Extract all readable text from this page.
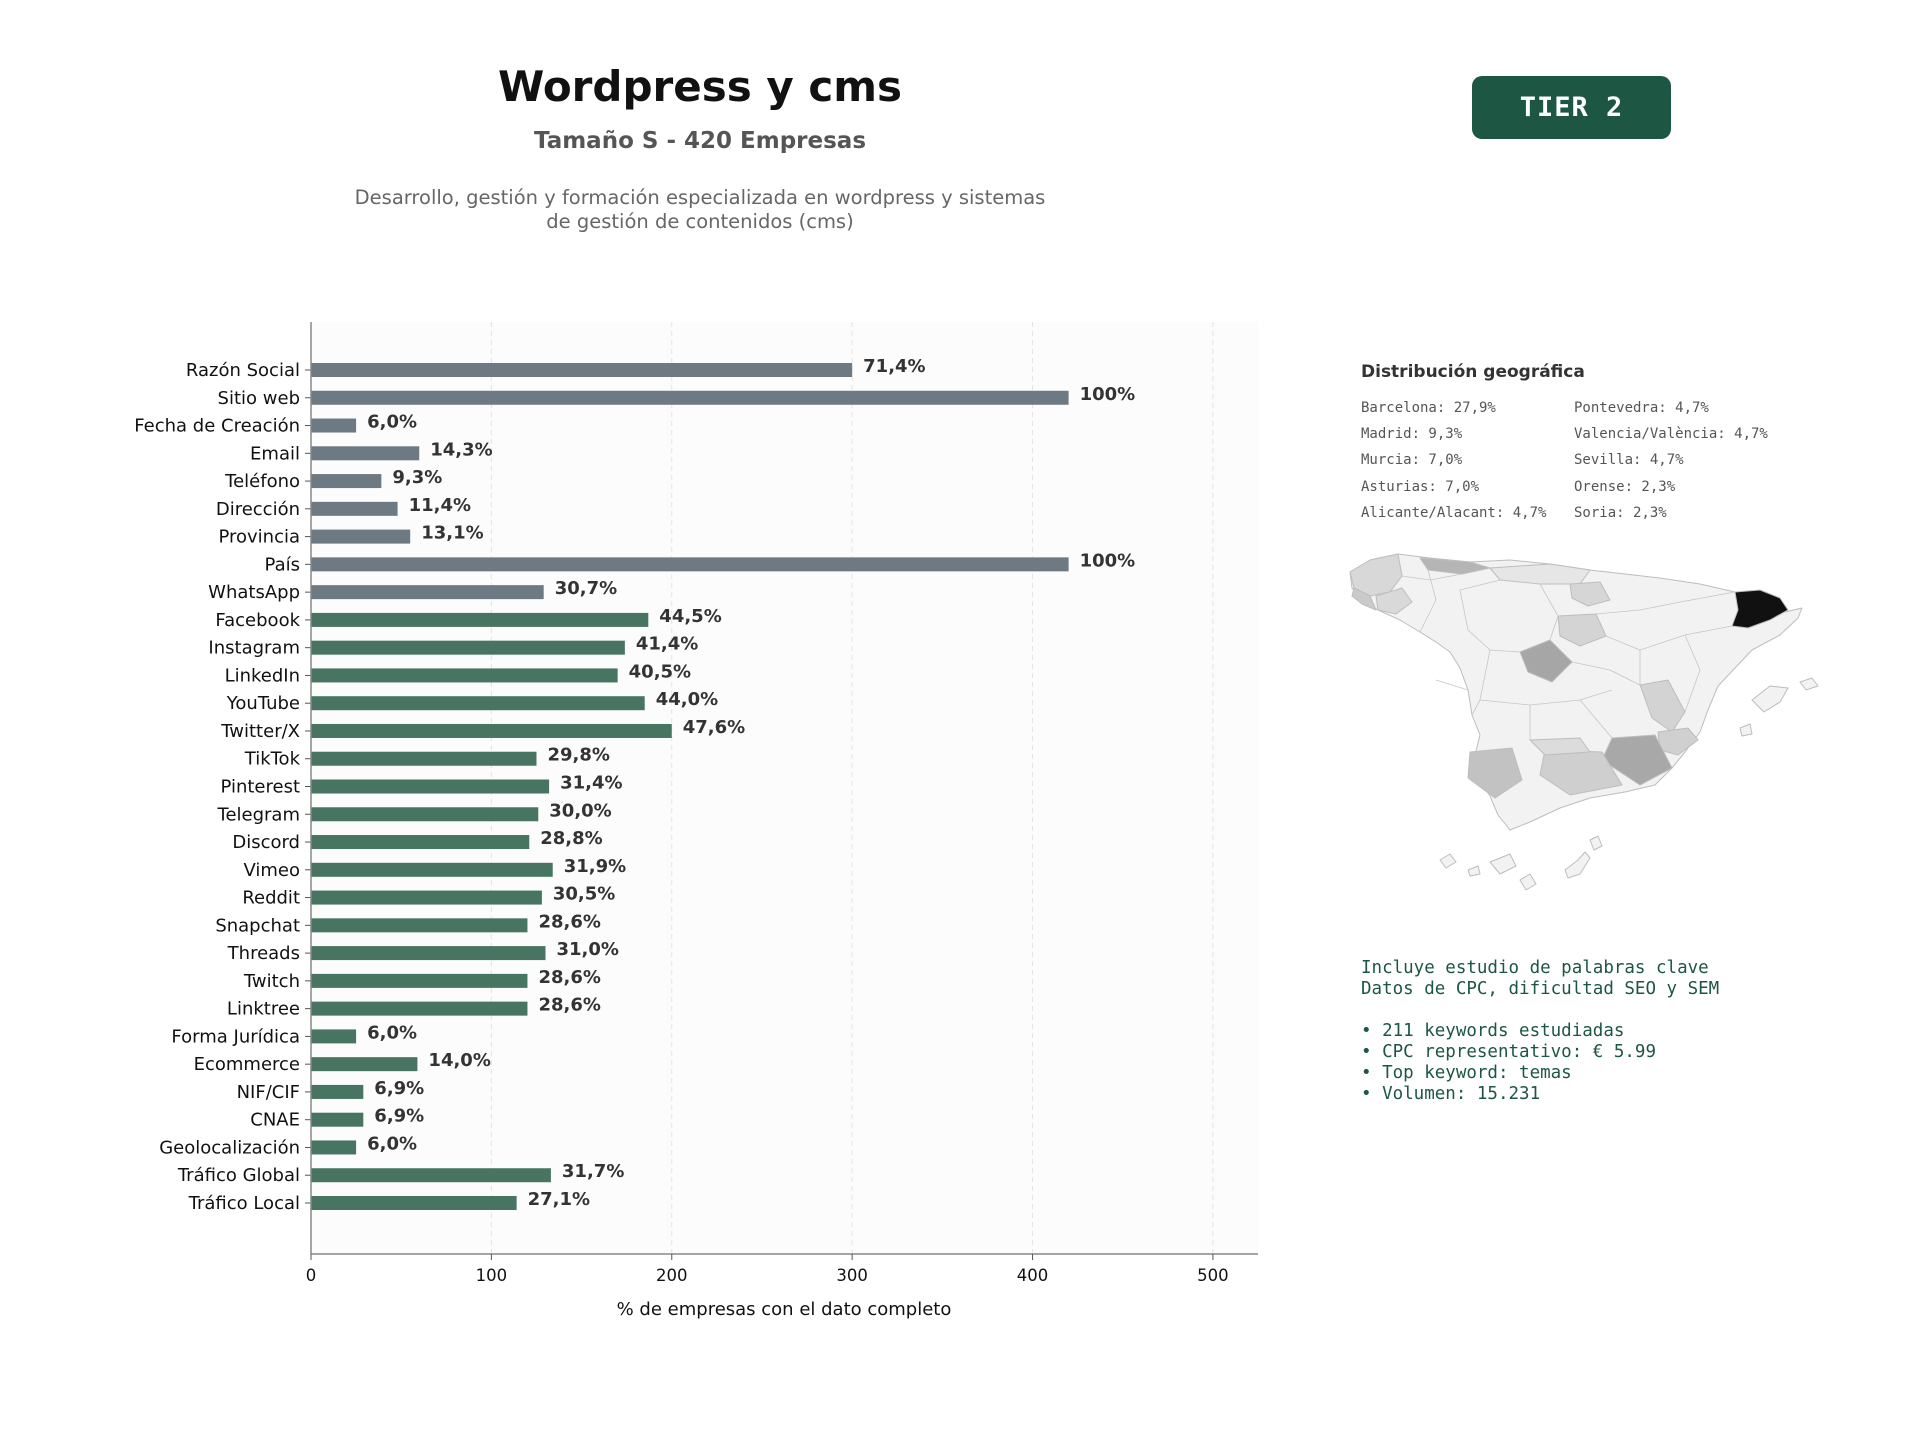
Wordpress y cms
Tamaño S - 420 Empresas
Desarrollo, gestión y formación especializada en wordpress y sistemas
de gestión de contenidos (cms)
TIER 2
Razón Social	71,4%
Sitio web	100%
Fecha de Creación	6,0%
Email	14,3%
Teléfono	9,3%
Dirección	11,4%
Provincia	13,1%
País	100%
WhatsApp	30,7%
Facebook	44,5%
Instagram	41,4%
LinkedIn	40,5%
YouTube	44,0%
Twitter/X	47,6%
TikTok	29,8%
Pinterest	31,4%
Telegram	30,0%
Discord	28,8%
Vimeo	31,9%
Reddit	30,5%
Snapchat	28,6%
Threads	31,0%
Twitch	28,6%
Linktree	28,6%
Forma Jurídica	6,0%
Ecommerce	14,0%
NIF/CIF	6,9%
CNAE	6,9%
Geolocalización	6,0%
Tráfico Global	31,7%
Tráfico Local	27,1%
0	100	200	300	400	500
% de empresas con el dato completo
Distribución geográfica
Barcelona: 27,9%
Madrid: 9,3%
Murcia: 7,0%
Asturias: 7,0%
Alicante/Alacant: 4,7%
Pontevedra: 4,7%
Valencia/València: 4,7%
Sevilla: 4,7%
Orense: 2,3%
Soria: 2,3%
Incluye estudio de palabras clave
Datos de CPC, dificultad SEO y SEM
• 211 keywords estudiadas
• CPC representativo: € 5.99
• Top keyword: temas
• Volumen: 15.231
